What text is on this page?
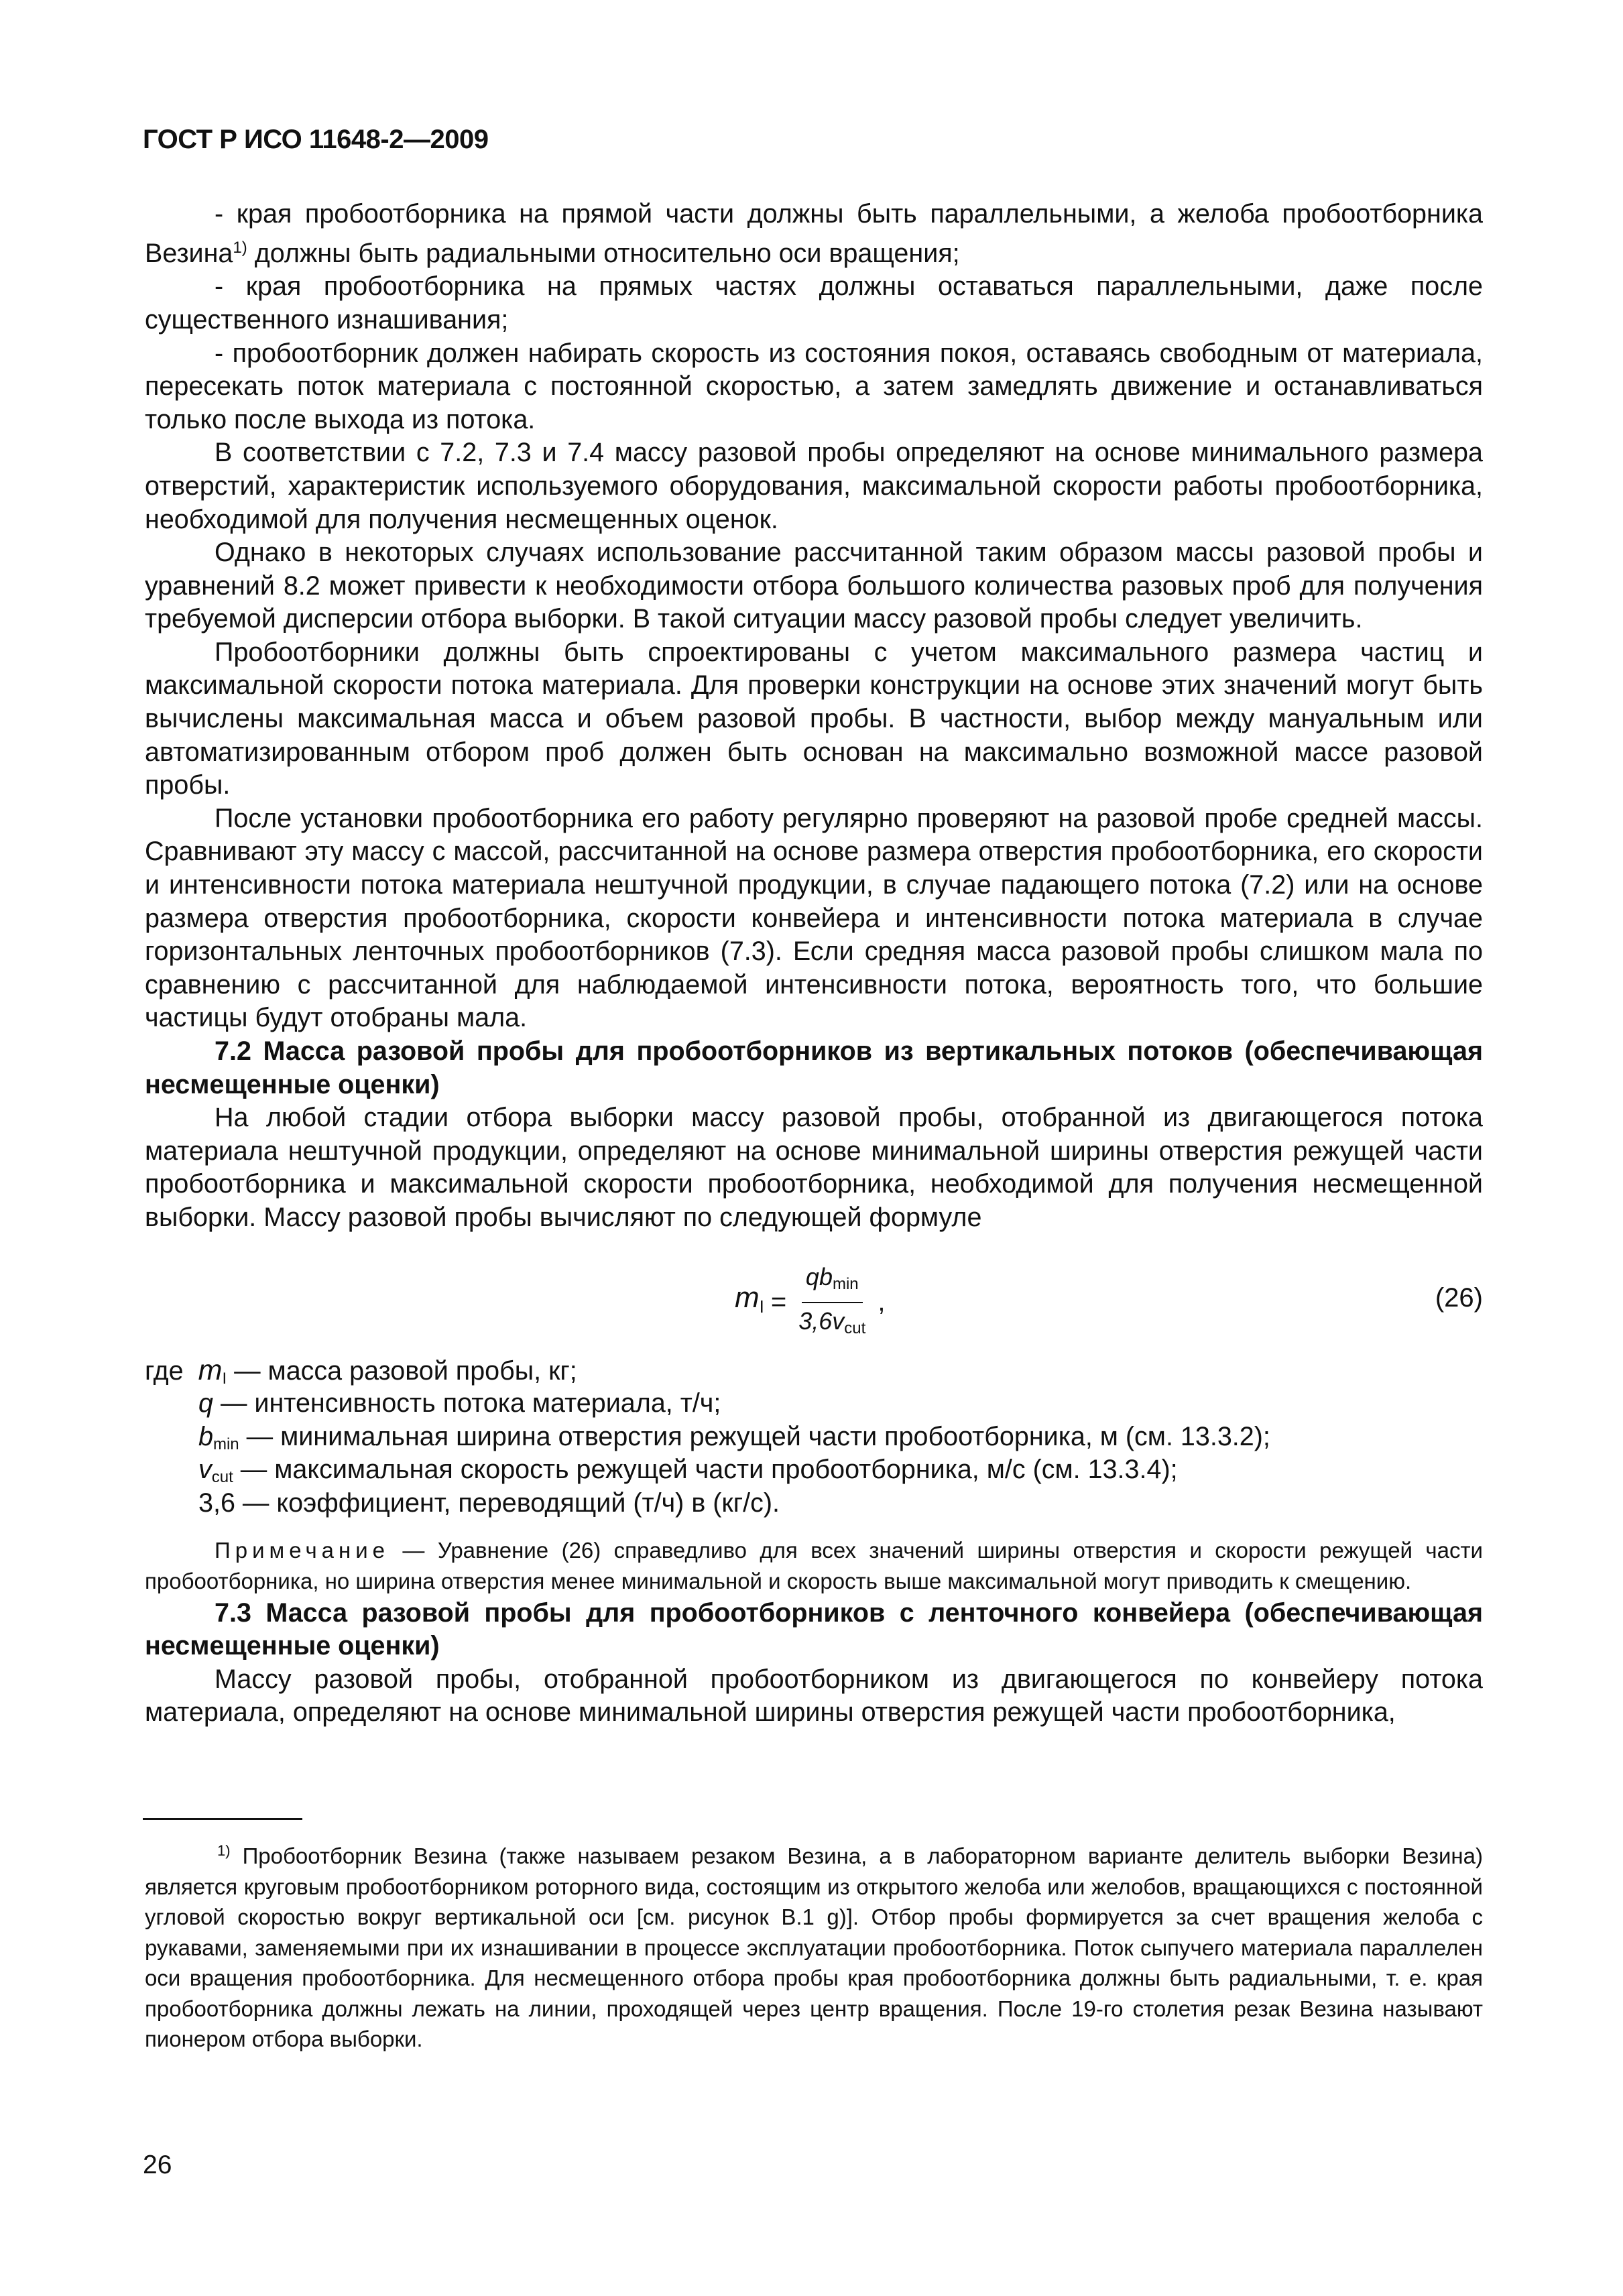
ГОСТ Р ИСО 11648-2—2009

- края пробоотборника на прямой части должны быть параллельными, а желоба пробоотборника Везина$^{1)}$ должны быть радиальными относительно оси вращения;

- края пробоотборника на прямых частях должны оставаться параллельными, даже после существенного изнашивания;

- пробоотборник должен набирать скорость из состояния покоя, оставаясь свободным от материала, пересекать поток материала с постоянной скоростью, а затем замедлять движение и останавливаться только после выхода из потока.

В соответствии с 7.2, 7.3 и 7.4 массу разовой пробы определяют на основе минимального размера отверстий, характеристик используемого оборудования, максимальной скорости работы пробоотборника, необходимой для получения несмещенных оценок.

Однако в некоторых случаях использование рассчитанной таким образом массы разовой пробы и уравнений 8.2 может привести к необходимости отбора большого количества разовых проб для получения требуемой дисперсии отбора выборки. В такой ситуации массу разовой пробы следует увеличить.

Пробоотборники должны быть спроектированы с учетом максимального размера частиц и максимальной скорости потока материала. Для проверки конструкции на основе этих значений могут быть вычислены максимальная масса и объем разовой пробы. В частности, выбор между мануальным или автоматизированным отбором проб должен быть основан на максимально возможной массе разовой пробы.

После установки пробоотборника его работу регулярно проверяют на разовой пробе средней массы. Сравнивают эту массу с массой, рассчитанной на основе размера отверстия пробоотборника, его скорости и интенсивности потока материала нештучной продукции, в случае падающего потока (7.2) или на основе размера отверстия пробоотборника, скорости конвейера и интенсивности потока материала в случае горизонтальных ленточных пробоотборников (7.3). Если средняя масса разовой пробы слишком мала по сравнению с рассчитанной для наблюдаемой интенсивности потока, вероятность того, что большие частицы будут отобраны мала.

7.2 Масса разовой пробы для пробоотборников из вертикальных потоков (обеспечивающая несмещенные оценки)

На любой стадии отбора выборки массу разовой пробы, отобранной из двигающегося потока материала нештучной продукции, определяют на основе минимальной ширины отверстия режущей части пробоотборника и максимальной скорости пробоотборника, необходимой для получения несмещенной выборки. Массу разовой пробы вычисляют по следующей формуле

$m_I = \frac{qbmin}{\text{3,6vcut}}$ ,	(26)
где mI — масса разовой пробы, кг;
q — интенсивность потока материала, т/ч;
bmin — минимальная ширина отверстия режущей части пробоотборника, м (см. 13.3.2);
vcut — максимальная скорость режущей части пробоотборника, м/с (см. 13.3.4);
3,6 — коэффициент, переводящий (т/ч) в (кг/с).
Примечание — Уравнение (26) справедливо для всех значений ширины отверстия и скорости режущей части пробоотборника, но ширина отверстия менее минимальной и скорость выше максимальной могут приводить к смещению.

7.3 Масса разовой пробы для пробоотборников с ленточного конвейера (обеспечивающая несмещенные оценки)

Массу разовой пробы, отобранной пробоотборником из двигающегося по конвейеру потока материала, определяют на основе минимальной ширины отверстия режущей части пробоотборника,

$^{1)}$ Пробоотборник Везина (также называем резаком Везина, а в лабораторном варианте делитель выборки Везина) является круговым пробоотборником роторного вида, состоящим из открытого желоба или желобов, вращающихся с постоянной угловой скоростью вокруг вертикальной оси [см. рисунок В.1 g)]. Отбор пробы формируется за счет вращения желоба с рукавами, заменяемыми при их изнашивании в процессе эксплуатации пробоотборника. Поток сыпучего материала параллелен оси вращения пробоотборника. Для несмещенного отбора пробы края пробоотборника должны быть радиальными, т. е. края пробоотборника должны лежать на линии, проходящей через центр вращения. После 19-го столетия резак Везина называют пионером отбора выборки.
26
